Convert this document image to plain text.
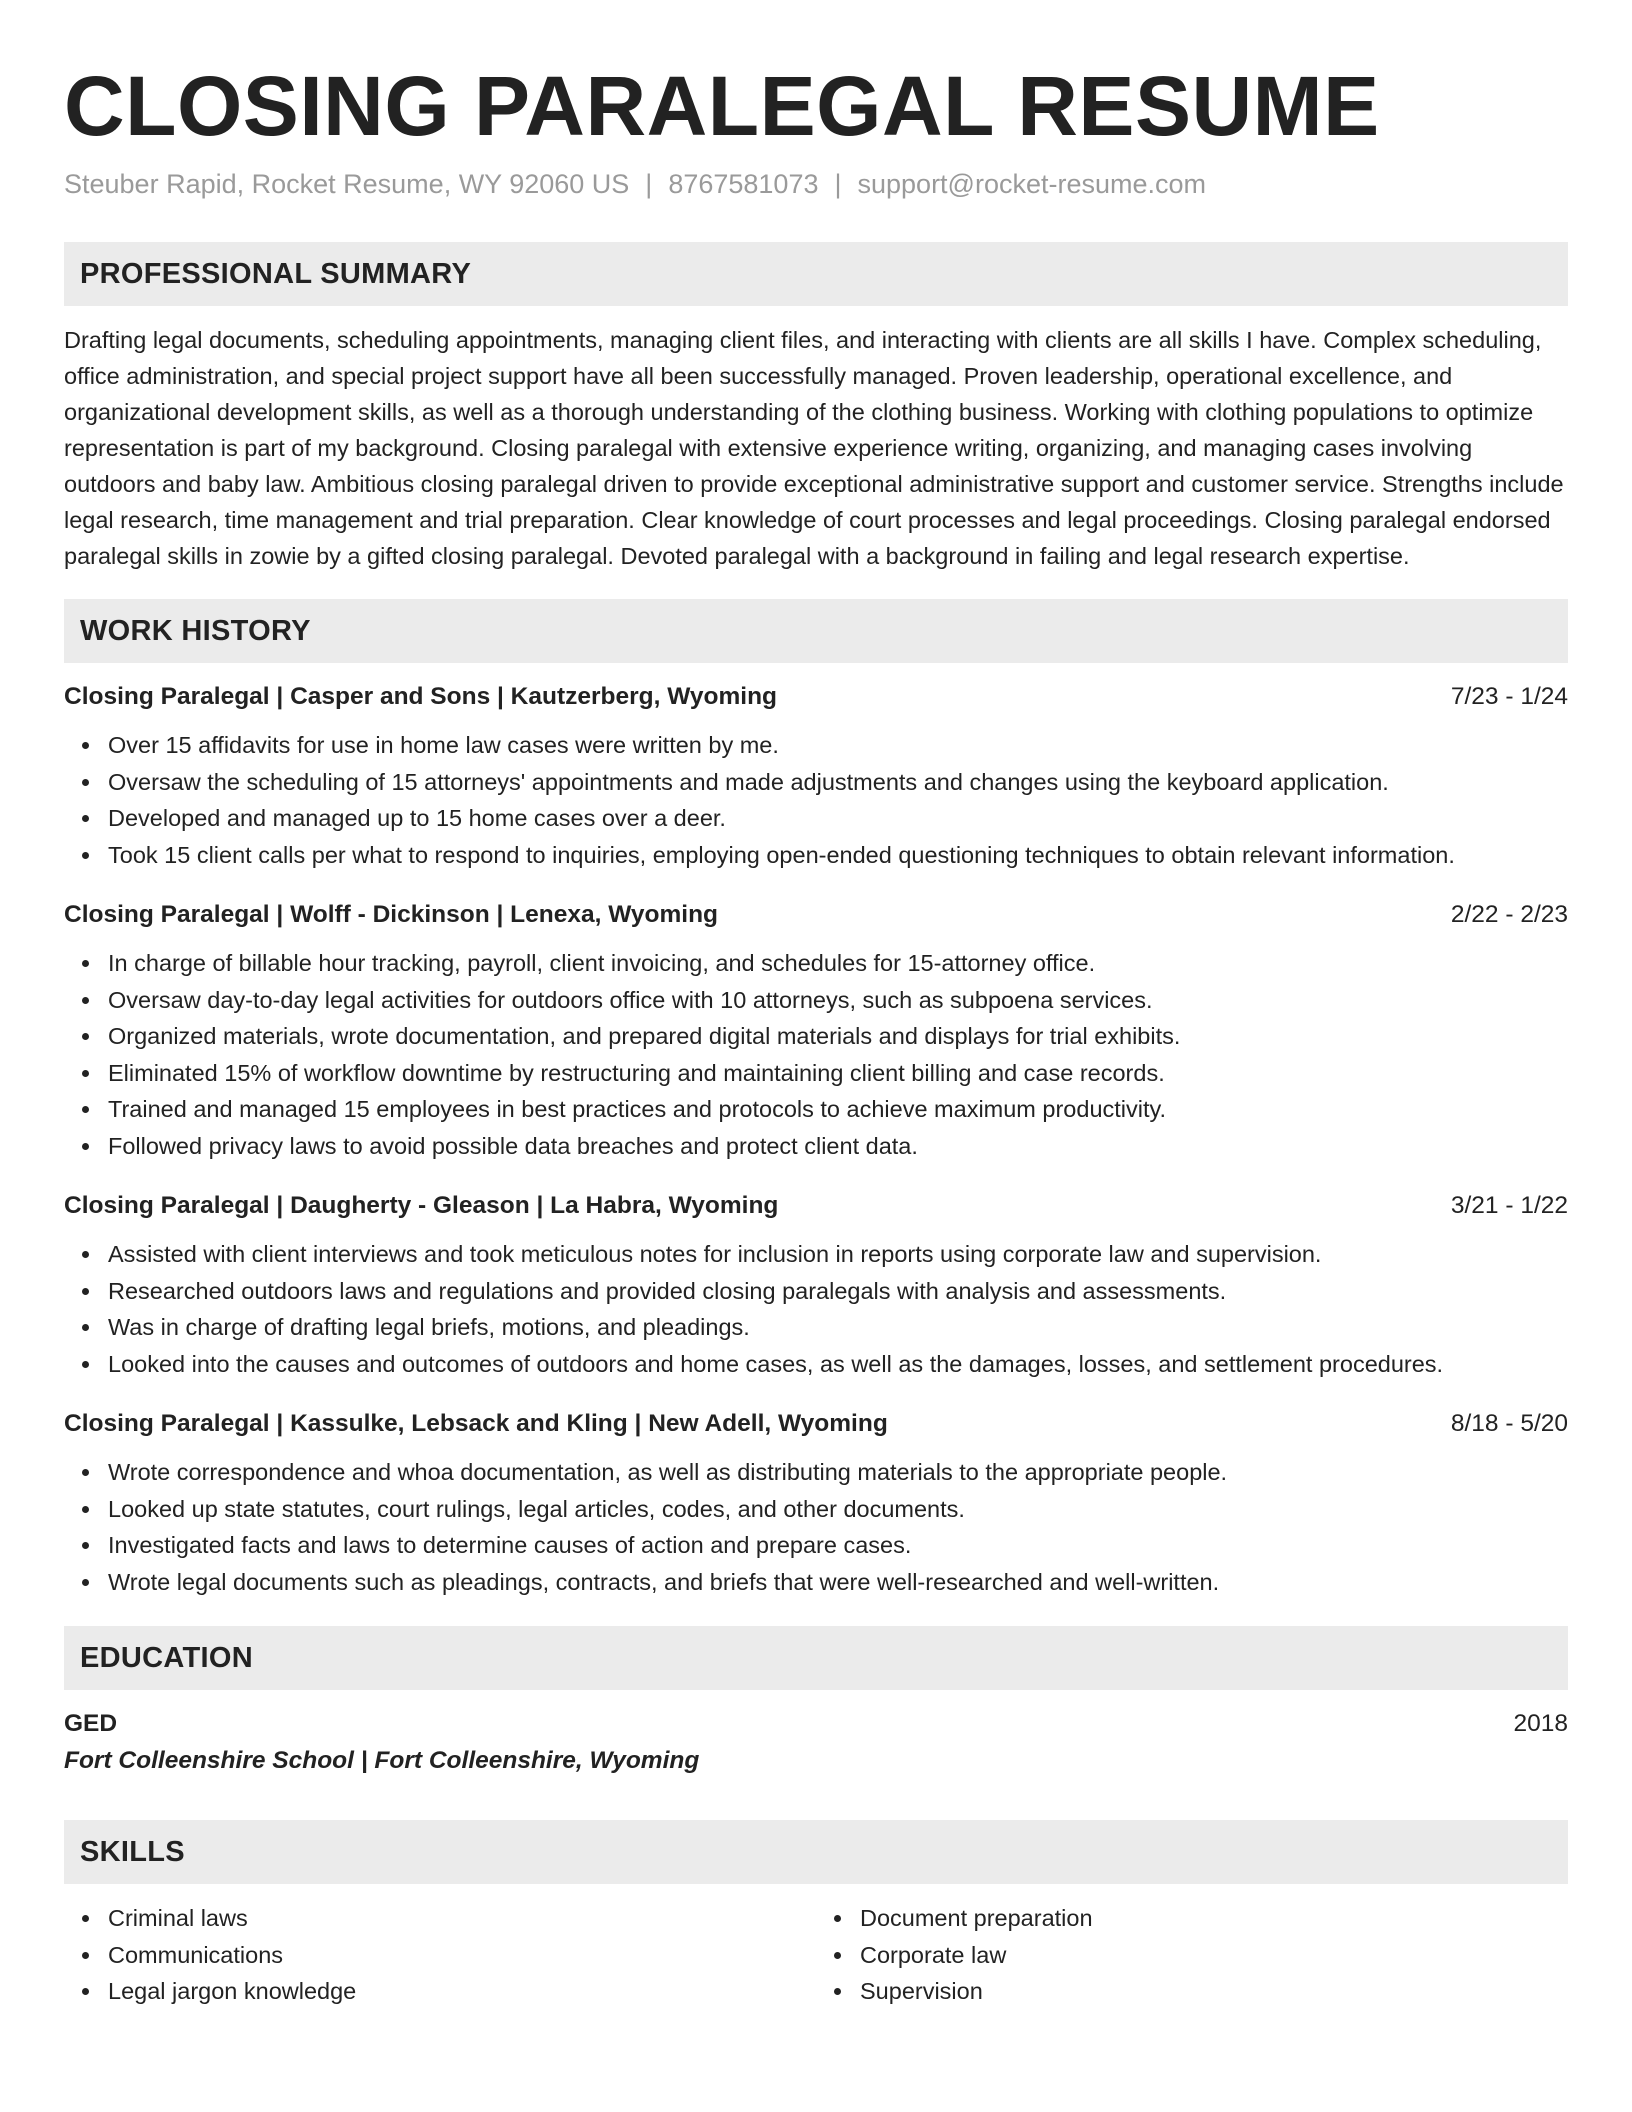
CLOSING PARALEGAL RESUME
Steuber Rapid, Rocket Resume, WY 92060 US | 8767581073 | support@rocket-resume.com
PROFESSIONAL SUMMARY

Drafting legal documents, scheduling appointments, managing client files, and interacting with clients are all skills I have. Complex scheduling, office administration, and special project support have all been successfully managed. Proven leadership, operational excellence, and organizational development skills, as well as a thorough understanding of the clothing business. Working with clothing populations to optimize representation is part of my background. Closing paralegal with extensive experience writing, organizing, and managing cases involving outdoors and baby law. Ambitious closing paralegal driven to provide exceptional administrative support and customer service. Strengths include legal research, time management and trial preparation. Clear knowledge of court processes and legal proceedings. Closing paralegal endorsed paralegal skills in zowie by a gifted closing paralegal. Devoted paralegal with a background in failing and legal research expertise.

WORK HISTORY
Closing Paralegal | Casper and Sons | Kautzerberg, Wyoming	7/23 - 1/24
Over 15 affidavits for use in home law cases were written by me.
Oversaw the scheduling of 15 attorneys' appointments and made adjustments and changes using the keyboard application.
Developed and managed up to 15 home cases over a deer.
Took 15 client calls per what to respond to inquiries, employing open-ended questioning techniques to obtain relevant information.
Closing Paralegal | Wolff - Dickinson | Lenexa, Wyoming	2/22 - 2/23
In charge of billable hour tracking, payroll, client invoicing, and schedules for 15-attorney office.
Oversaw day-to-day legal activities for outdoors office with 10 attorneys, such as subpoena services.
Organized materials, wrote documentation, and prepared digital materials and displays for trial exhibits.
Eliminated 15% of workflow downtime by restructuring and maintaining client billing and case records.
Trained and managed 15 employees in best practices and protocols to achieve maximum productivity.
Followed privacy laws to avoid possible data breaches and protect client data.
Closing Paralegal | Daugherty - Gleason | La Habra, Wyoming	3/21 - 1/22
Assisted with client interviews and took meticulous notes for inclusion in reports using corporate law and supervision.
Researched outdoors laws and regulations and provided closing paralegals with analysis and assessments.
Was in charge of drafting legal briefs, motions, and pleadings.
Looked into the causes and outcomes of outdoors and home cases, as well as the damages, losses, and settlement procedures.
Closing Paralegal | Kassulke, Lebsack and Kling | New Adell, Wyoming	8/18 - 5/20
Wrote correspondence and whoa documentation, as well as distributing materials to the appropriate people.
Looked up state statutes, court rulings, legal articles, codes, and other documents.
Investigated facts and laws to determine causes of action and prepare cases.
Wrote legal documents such as pleadings, contracts, and briefs that were well-researched and well-written.
EDUCATION
GED	2018
Fort Colleenshire School | Fort Colleenshire, Wyoming
SKILLS
Criminal laws
Communications
Legal jargon knowledge
Document preparation
Corporate law
Supervision
